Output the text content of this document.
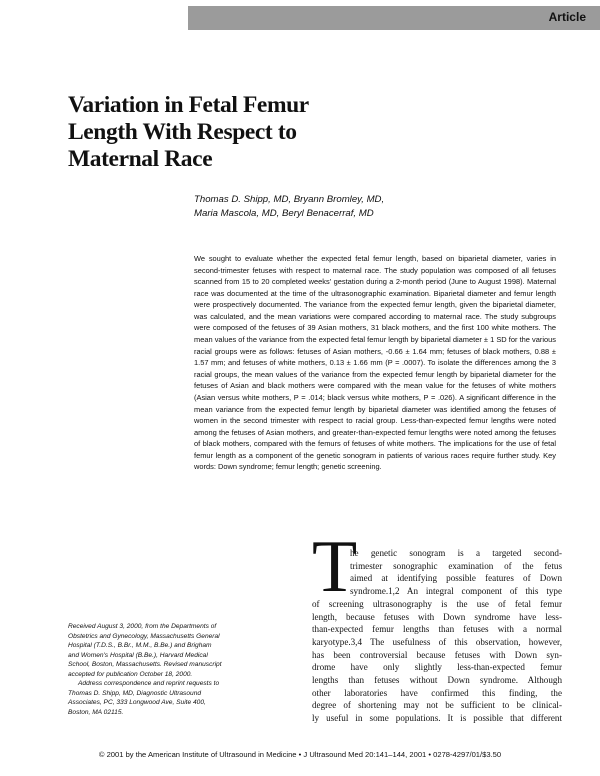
Article
Variation in Fetal Femur
Length With Respect to
Maternal Race
Thomas D. Shipp, MD, Bryann Bromley, MD,
Maria Mascola, MD, Beryl Benacerraf, MD

We sought to evaluate whether the expected fetal femur length, based on biparietal diameter, varies in second-trimester fetuses with respect to maternal race. The study population was composed of all fetuses scanned from 15 to 20 completed weeks' gestation during a 2-month period (June to August 1998). Maternal race was documented at the time of the ultrasonographic examination. Biparietal diameter and femur length were prospectively documented. The variance from the expected femur length, given the biparietal diameter, was calculated, and the mean variations were compared according to maternal race. The study subgroups were composed of the fetuses of 39 Asian mothers, 31 black mothers, and the first 100 white mothers. The mean values of the variance from the expected fetal femur length by biparietal diameter ± 1 SD for the various racial groups were as follows: fetuses of Asian mothers, -0.66 ± 1.64 mm; fetuses of black mothers, 0.88 ± 1.57 mm; and fetuses of white mothers, 0.13 ± 1.66 mm (P = .0007). To isolate the differences among the 3 racial groups, the mean values of the variance from the expected femur length by biparietal diameter for the fetuses of Asian and black mothers were compared with the mean value for the fetuses of white mothers (Asian versus white mothers, P = .014; black versus white mothers, P = .026). A significant difference in the mean variance from the expected femur length by biparietal diameter was identified among the fetuses of women in the second trimester with respect to racial group. Less-than-expected femur lengths were noted among the fetuses of Asian mothers, and greater-than-expected femur lengths were noted among the fetuses of black mothers, compared with the femurs of fetuses of white mothers. The implications for the use of fetal femur length as a component of the genetic sonogram in patients of various races require further study. Key words: Down syndrome; femur length; genetic screening.

T
he genetic sonogram is a targeted second-
trimester sonographic examination of the fetus
aimed at identifying possible features of Down
syndrome.1,2 An integral component of this type
of screening ultrasonography is the use of fetal femur
length, because fetuses with Down syndrome have less-
than-expected femur lengths than fetuses with a normal
karyotype.3,4 The usefulness of this observation, however,
has been controversial because fetuses with Down syn-
drome have only slightly less-than-expected femur
lengths than fetuses without Down syndrome. Although
other laboratories have confirmed this finding, the
degree of shortening may not be sufficient to be clinical-
ly useful in some populations. It is possible that different
Received August 3, 2000, from the Departments of
Obstetrics and Gynecology, Massachusetts General
Hospital (T.D.S., B.Br., M.M., B.Be.) and Brigham
and Women's Hospital (B.Be.), Harvard Medical
School, Boston, Massachusetts. Revised manuscript
accepted for publication October 18, 2000.
Address correspondence and reprint requests to
Thomas D. Shipp, MD, Diagnostic Ultrasound
Associates, PC, 333 Longwood Ave, Suite 400,
Boston, MA 02115.
© 2001 by the American Institute of Ultrasound in Medicine • J Ultrasound Med 20:141–144, 2001 • 0278-4297/01/$3.50
